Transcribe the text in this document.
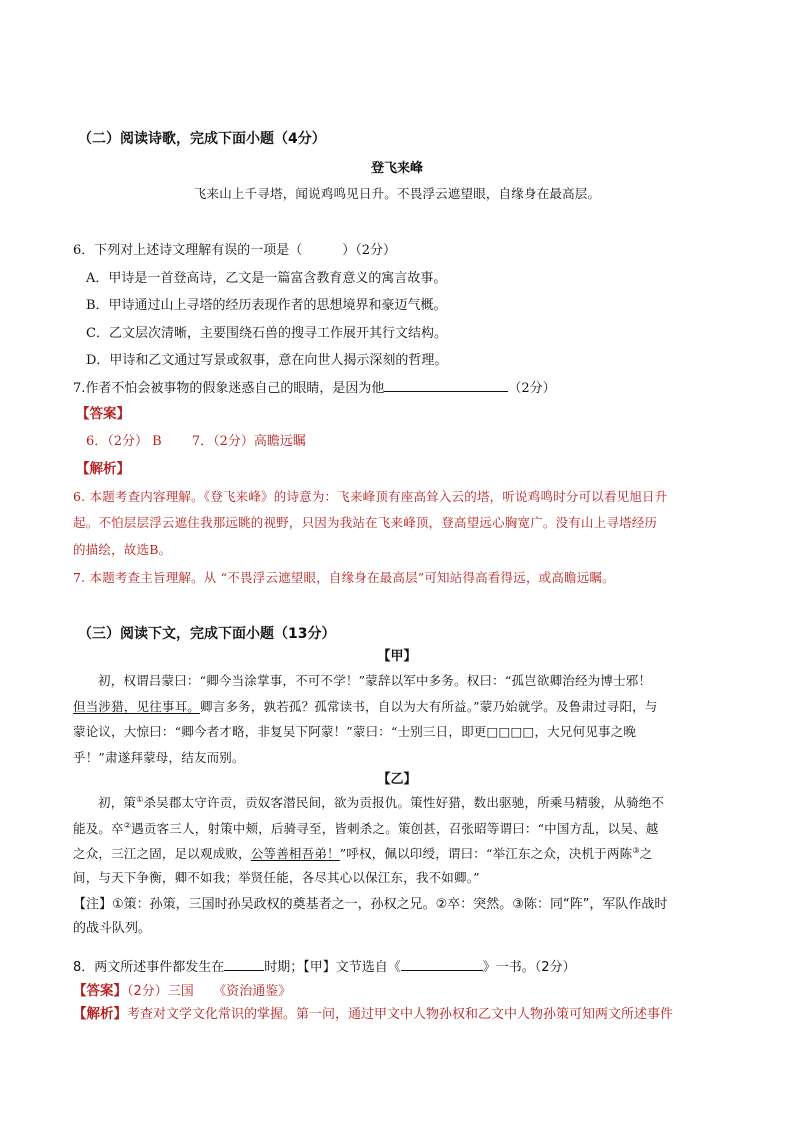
（二）阅读诗歌，完成下面小题（4分）
登飞来峰
飞来山上千寻塔，闻说鸡鸣见日升。不畏浮云遮望眼，自缘身在最高层。
6．下列对上述诗文理解有误的一项是（	）（2分）
A．甲诗是一首登高诗，乙文是一篇富含教育意义的寓言故事。
B．甲诗通过山上寻塔的经历表现作者的思想境界和豪迈气概。
C．乙文层次清晰，主要围绕石兽的搜寻工作展开其行文结构。
D．甲诗和乙文通过写景或叙事，意在向世人揭示深刻的哲理。
7.作者不怕会被事物的假象迷惑自己的眼睛，是因为他	（2分）
【答案】
6．（2分） B　　 7．（2分）高瞻远瞩
【解析】
6. 本题考查内容理解。《登飞来峰》的诗意为：飞来峰顶有座高耸入云的塔，听说鸡鸣时分可以看见旭日升
起。不怕层层浮云遮住我那远眺的视野，只因为我站在飞来峰顶，登高望远心胸宽广。没有山上寻塔经历
的描绘，故选B。
7. 本题考查主旨理解。从 “不畏浮云遮望眼，自缘身在最高层”可知站得高看得远，或高瞻远瞩。
（三）阅读下文，完成下面小题（13分）
【甲】
初，权谓吕蒙曰：“卿今当涂掌事，不可不学！”蒙辞以军中多务。权曰：“孤岂欲卿治经为博士邪！
但当涉猎，见往事耳。卿言多务，孰若孤？孤常读书，自以为大有所益。”蒙乃始就学。及鲁肃过寻阳，与
蒙论议，大惊曰：“卿今者才略，非复吴下阿蒙！”蒙曰：“士别三日，即更□□□□，大兄何见事之晚
乎！”肃遂拜蒙母，结友而别。
【乙】
初，策①杀吴郡太守许贡，贡奴客潜民间，欲为贡报仇。策性好猎，数出驱驰，所乘马精骏，从骑绝不
能及。卒②遇贡客三人，射策中颊，后骑寻至，皆刺杀之。策创甚，召张昭等谓曰：“中国方乱，以吴、越
之众，三江之固，足以观成败，公等善相吾弟！”呼权，佩以印绶，谓曰：“举江东之众，决机于两陈③之
间，与天下争衡，卿不如我；举贤任能，各尽其心以保江东，我不如卿。”
【注】①策：孙策，三国时孙吴政权的奠基者之一，孙权之兄。②卒：突然。③陈：同“阵”，军队作战时
的战斗队列。
8．两文所述事件都发生在	时期；【甲】文节选自《	》一书。（2分）
【答案】（2分）三国　　《资治通鉴》
【解析】考查对文学文化常识的掌握。第一问，通过甲文中人物孙权和乙文中人物孙策可知两文所述事件
